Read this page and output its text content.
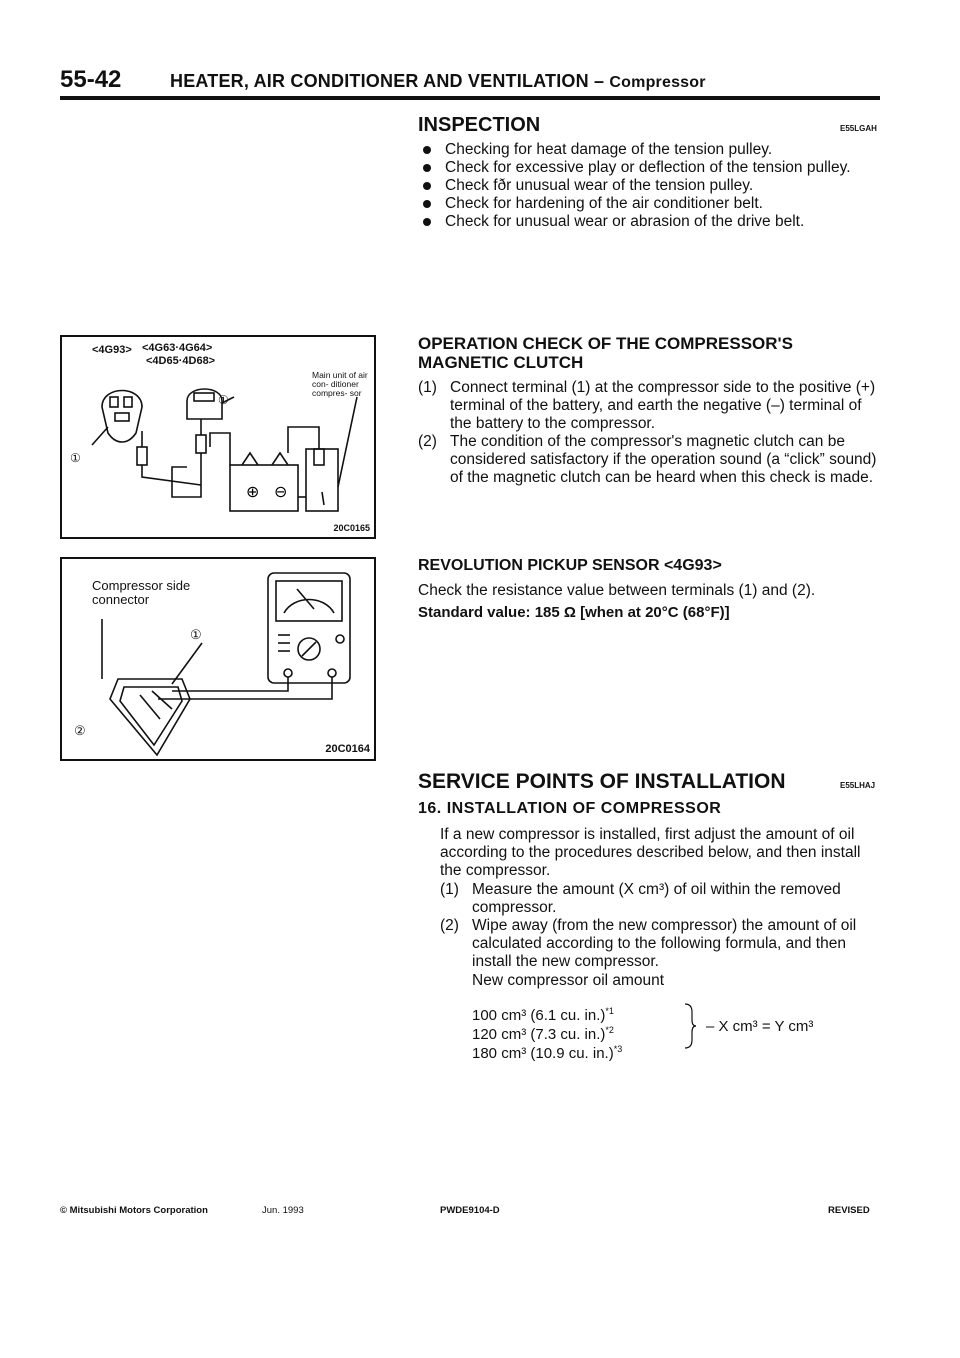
55-42	HEATER, AIR CONDITIONER AND VENTILATION – Compressor
INSPECTION	E55LGAH
Checking for heat damage of the tension pulley.
Check for excessive play or deflection of the tension pulley.
Check fðr unusual wear of the tension pulley.
Check for hardening of the air conditioner belt.
Check for unusual wear or abrasion of the drive belt.
<4G93> <4G63·4G64>
<4D65·4D68>
Main unit of air con- ditioner compres- sor
①
①
⊕ ⊖
20C0165
OPERATION CHECK OF THE COMPRESSOR'S MAGNETIC CLUTCH
(1) Connect terminal (1) at the compressor side to the positive (+) terminal of the battery, and earth the negative (–) terminal of the battery to the compressor.
(2) The condition of the compressor's magnetic clutch can be considered satisfactory if the operation sound (a “click” sound) of the magnetic clutch can be heard when this check is made.
Compressor side connector
①
②
20C0164
REVOLUTION PICKUP SENSOR <4G93>
Check the resistance value between terminals (1) and (2).
Standard value: 185 Ω [when at 20°C (68°F)]
SERVICE POINTS OF INSTALLATION	E55LHAJ
16. INSTALLATION OF COMPRESSOR
If a new compressor is installed, first adjust the amount of oil according to the procedures described below, and then install the compressor.
(1) Measure the amount (X cm³) of oil within the removed compressor.
(2) Wipe away (from the new compressor) the amount of oil calculated according to the following formula, and then install the new compressor.
New compressor oil amount
100 cm³ (6.1 cu. in.)$^{*1}$
120 cm³ (7.3 cu. in.)$^{*2}$
180 cm³ (10.9 cu. in.)$^{*3}$
– X cm³ = Y cm³
© Mitsubishi Motors Corporation	Jun. 1993	PWDE9104-D	REVISED
